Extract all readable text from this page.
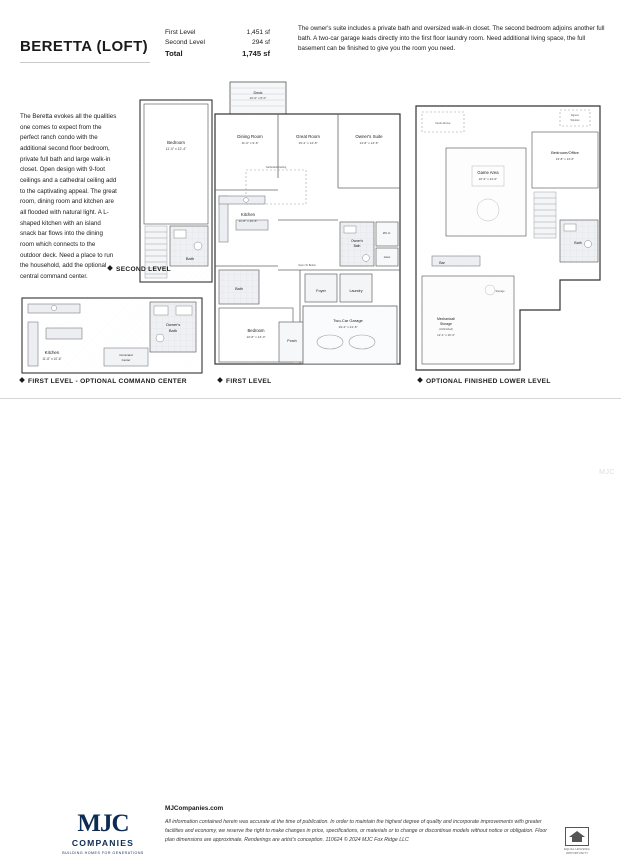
BERETTA (LOFT)
First Level	1,451 sf
Second Level	294 sf
Total	1,745 sf
The owner's suite includes a private bath and oversized walk-in closet. The second bedroom adjoins another full bath. A two-car garage leads directly into the first floor laundry room. Need additional living space, the full basement can be finished to give you the room you need.
The Beretta evokes all the qualities one comes to expect from the perfect ranch condo with the additional second floor bedroom, private full bath and large walk-in closet. Open design with 9-foot ceilings and a cathedral ceiling add to the captivating appeal. The great room, dining room and kitchen are all flooded with natural light. A L-shaped kitchen with an island snack bar flows into the dining room which connects to the outdoor deck. Need a place to run the household, add the optional central command center.
Bedroom
11'-0" x 12'-4"
Bath
Kitchen
11'-8" x 10'-6"
Owner's
Bath
Command
Center
Deck
10'-0" x 8'-0"
Cathedral Ceiling
Dining Room
11'-0" x 9'-6"
Great Room
15'-2" x 14'-8"
Owner's Suite
14'-8" x 13'-6"
Kitchen
11'-8" x 10'-6"
Owner's
Bath
W.I.C.
Linen
Bath	Foyer	Laundry
Bedroom
10'-8" x 13'-0"
Porch
Two-Car Garage
19'-4" x 21'-6"
Open To Below
Deck Above
Egress
Window
Bedroom/Office
13'-8" x 13'-6"
Game Area
22'-6" x 24'-0"
Bath
Bar
Mechanical/
Storage
(Unfinished)
12'-1" x 16'-3"
Storage
SECOND LEVEL
FIRST LEVEL - OPTIONAL COMMAND CENTER	FIRST LEVEL	OPTIONAL FINISHED LOWER LEVEL
MJC
COMPANIES
BUILDING HOMES FOR GENERATIONS
MJCompanies.com
All information contained herein was accurate at the time of publication. In order to maintain the highest degree of quality and incorporate improvements with greater facilities and economy, we reserve the right to make changes in price, specifications, or materials or to change or discontinue models without notice or obligation. Floor plan dimensions are approximate. Renderings are artist's conception. 110624 © 2024 MJC Fox Ridge LLC
EQUAL HOUSING OPPORTUNITY
MJC
